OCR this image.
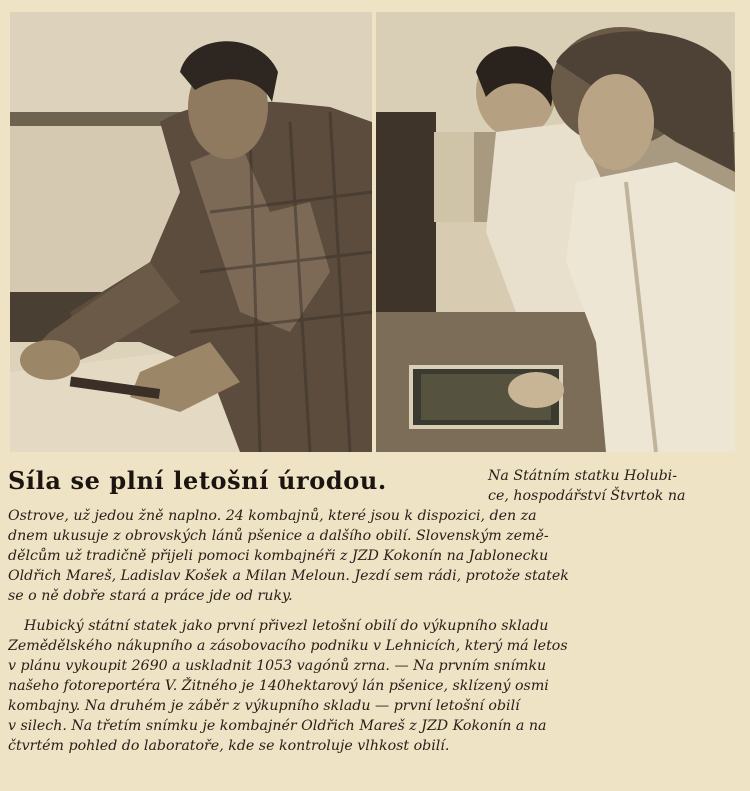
Síla se plní letošní úrodou.	Na Státním statku Holubi-
ce, hospodářství Štvrtok na
Ostrove, už jedou žně naplno. 24 kombajnů, které jsou k dispozici, den za
dnem ukusuje z obrovských lánů pšenice a dalšího obilí. Slovenským země-
dělcům už tradičně přijeli pomoci kombajnéři z JZD Kokonín na Jablonecku
Oldřich Mareš, Ladislav Košek a Milan Meloun. Jezdí sem rádi, protože statek
se o ně dobře stará a práce jde od ruky.
Hubický státní statek jako první přivezl letošní obilí do výkupního skladu
Zemědělského nákupního a zásobovacího podniku v Lehnicích, který má letos
v plánu vykoupit 2690 a uskladnit 1053 vagónů zrna. — Na prvním snímku
našeho fotoreportéra V. Žitného je 140hektarový lán pšenice, sklízený osmi
kombajny. Na druhém je záběr z výkupního skladu — první letošní obilí
v silech. Na třetím snímku je kombajnér Oldřich Mareš z JZD Kokonín a na
čtvrtém pohled do laboratoře, kde se kontroluje vlhkost obilí.
